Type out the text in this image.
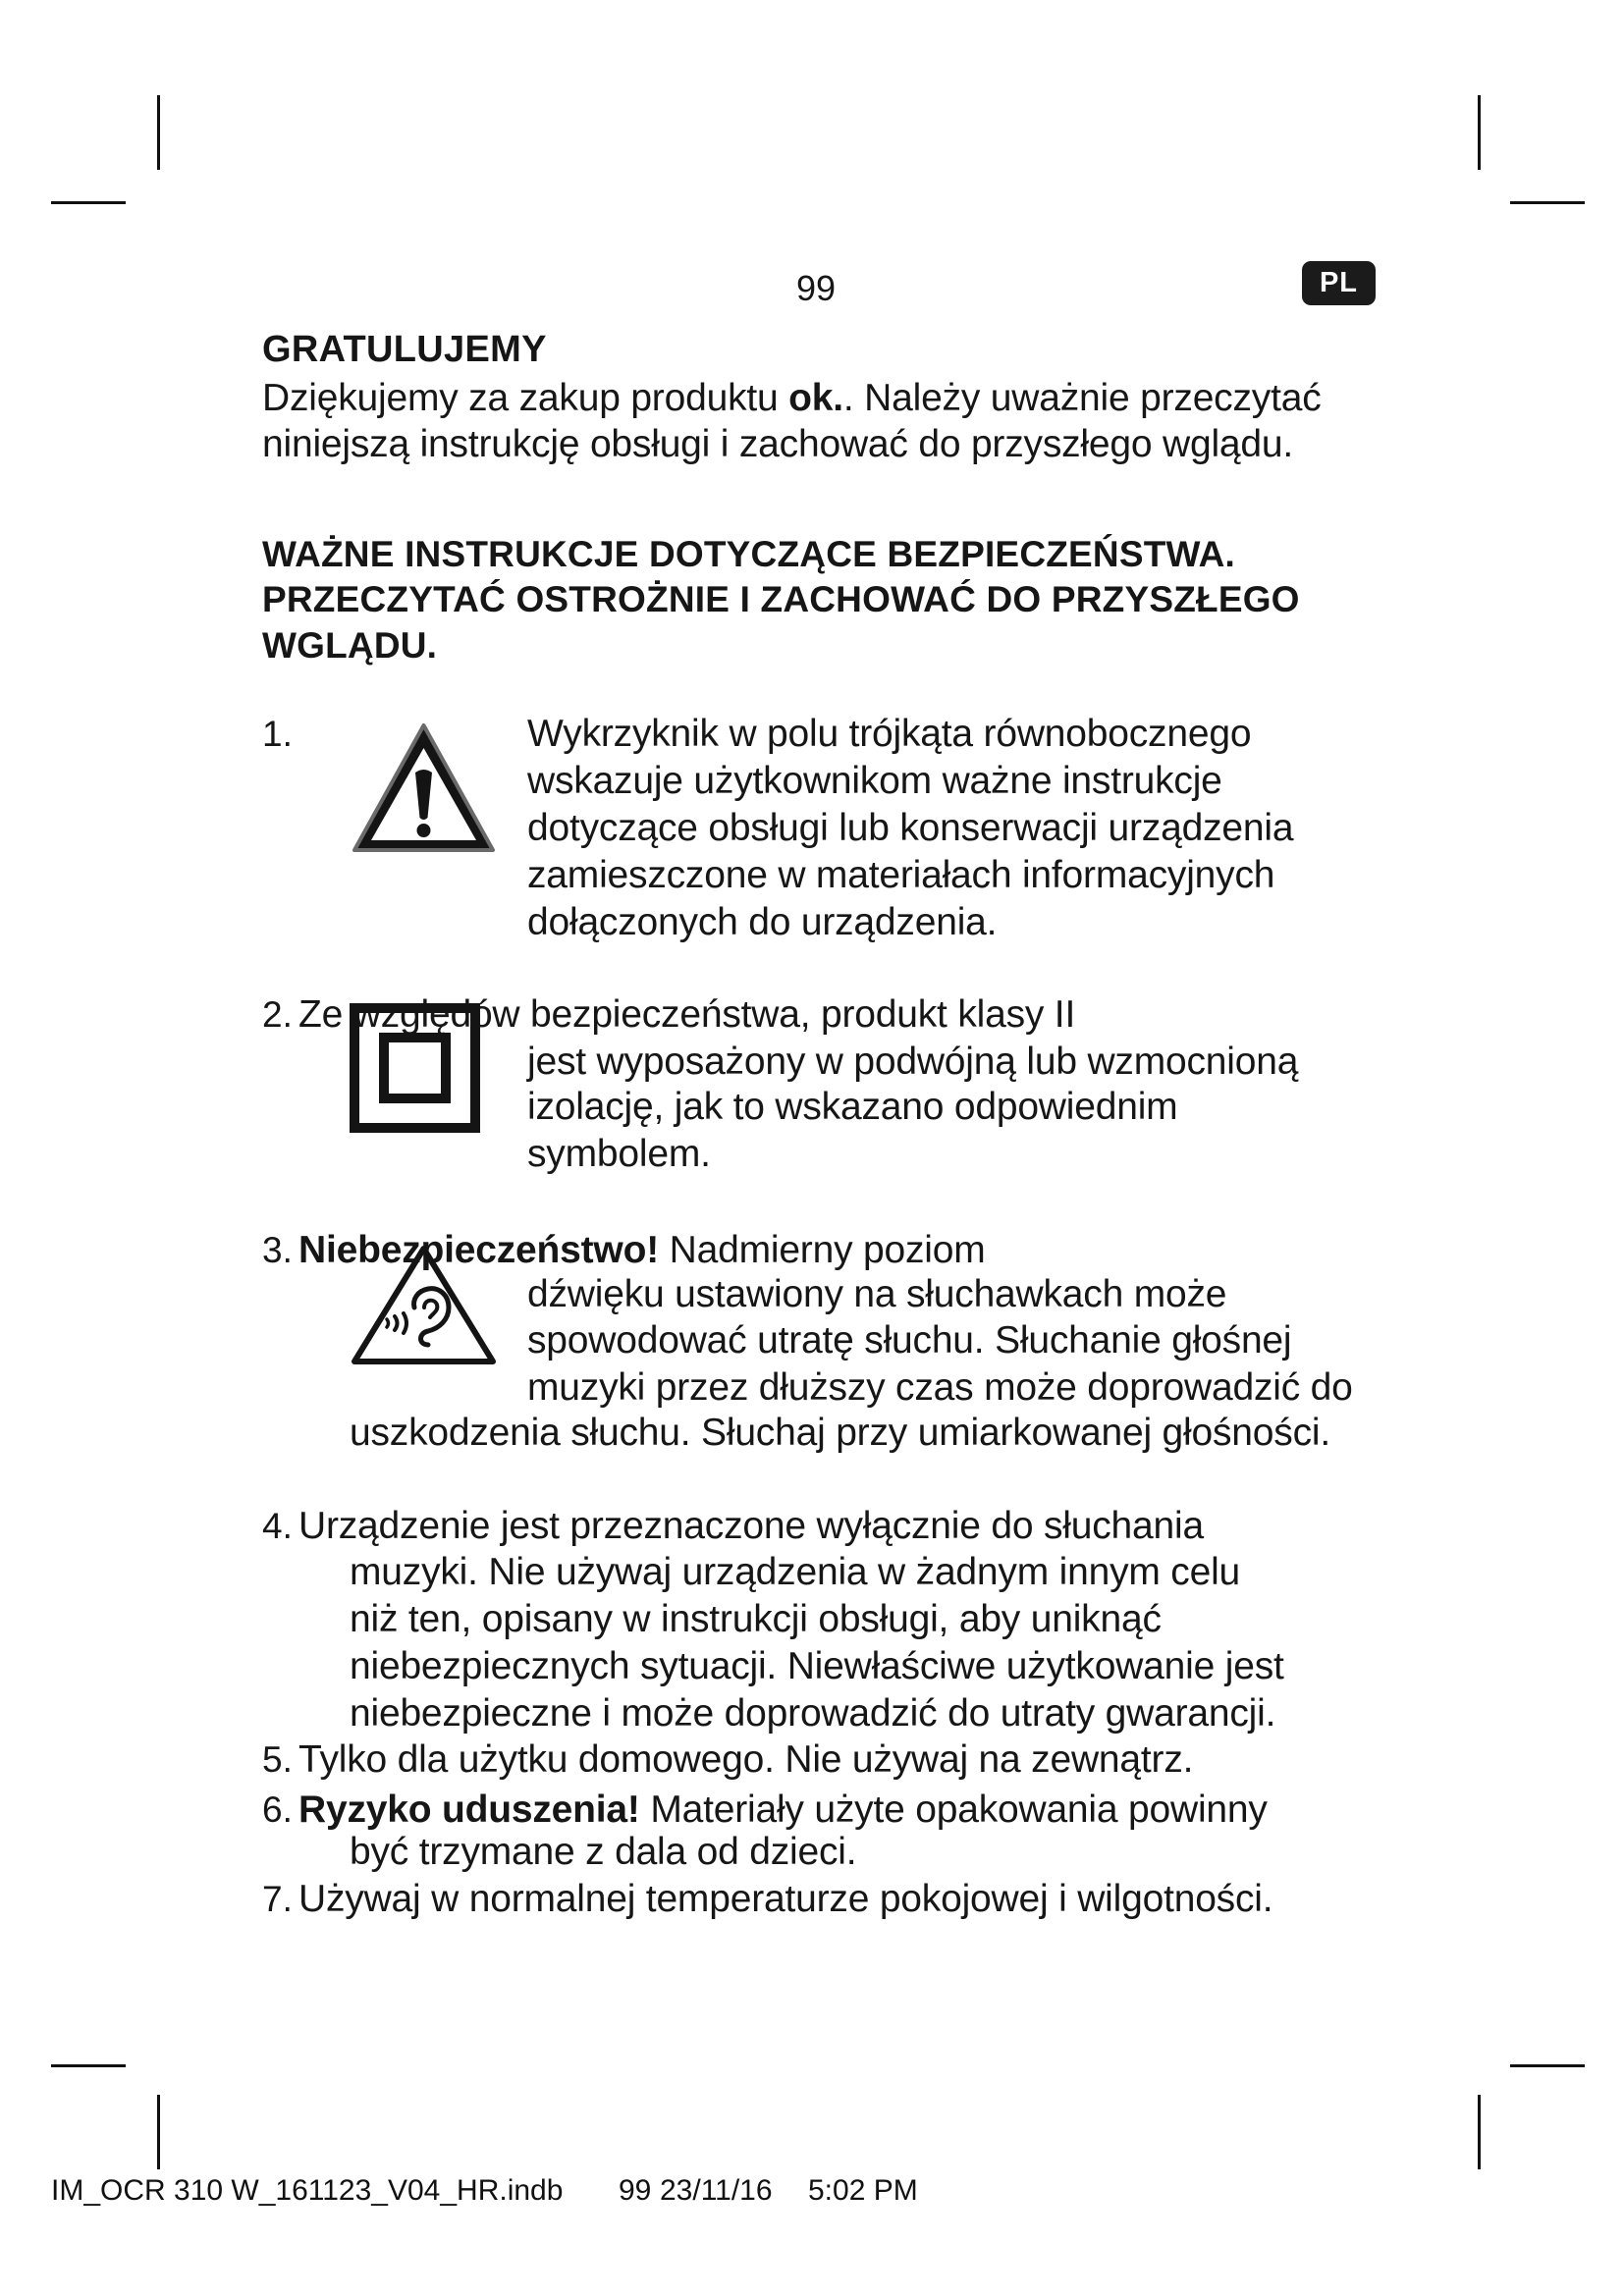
99	PL
GRATULUJEMY
Dziękujemy za zakup produktu ok.. Należy uważnie przeczytać
niniejszą instrukcję obsługi i zachować do przyszłego wglądu.
WAŻNE INSTRUKCJE DOTYCZĄCE BEZPIECZEŃSTWA.
PRZECZYTAĆ OSTROŻNIE I ZACHOWAĆ DO PRZYSZŁEGO
WGLĄDU.
1.	Wykrzyknik w polu trójkąta równobocznego
wskazuje użytkownikom ważne instrukcje
dotyczące obsługi lub konserwacji urządzenia
zamieszczone w materiałach informacyjnych
dołączonych do urządzenia.
2. Ze względów bezpieczeństwa, produkt klasy II
jest wyposażony w podwójną lub wzmocnioną
izolację, jak to wskazano odpowiednim
symbolem.
3. Niebezpieczeństwo! Nadmierny poziom
dźwięku ustawiony na słuchawkach może
spowodować utratę słuchu. Słuchanie głośnej
muzyki przez dłuższy czas może doprowadzić do
uszkodzenia słuchu. Słuchaj przy umiarkowanej głośności.
4. Urządzenie jest przeznaczone wyłącznie do słuchania
muzyki. Nie używaj urządzenia w żadnym innym celu
niż ten, opisany w instrukcji obsługi, aby uniknąć
niebezpiecznych sytuacji. Niewłaściwe użytkowanie jest
niebezpieczne i może doprowadzić do utraty gwarancji.
5. Tylko dla użytku domowego. Nie używaj na zewnątrz.
6. Ryzyko uduszenia! Materiały użyte opakowania powinny
być trzymane z dala od dzieci.
7. Używaj w normalnej temperaturze pokojowej i wilgotności.
IM_OCR 310 W_161123_V04_HR.indb 99 23/11/16 5:02 PM
